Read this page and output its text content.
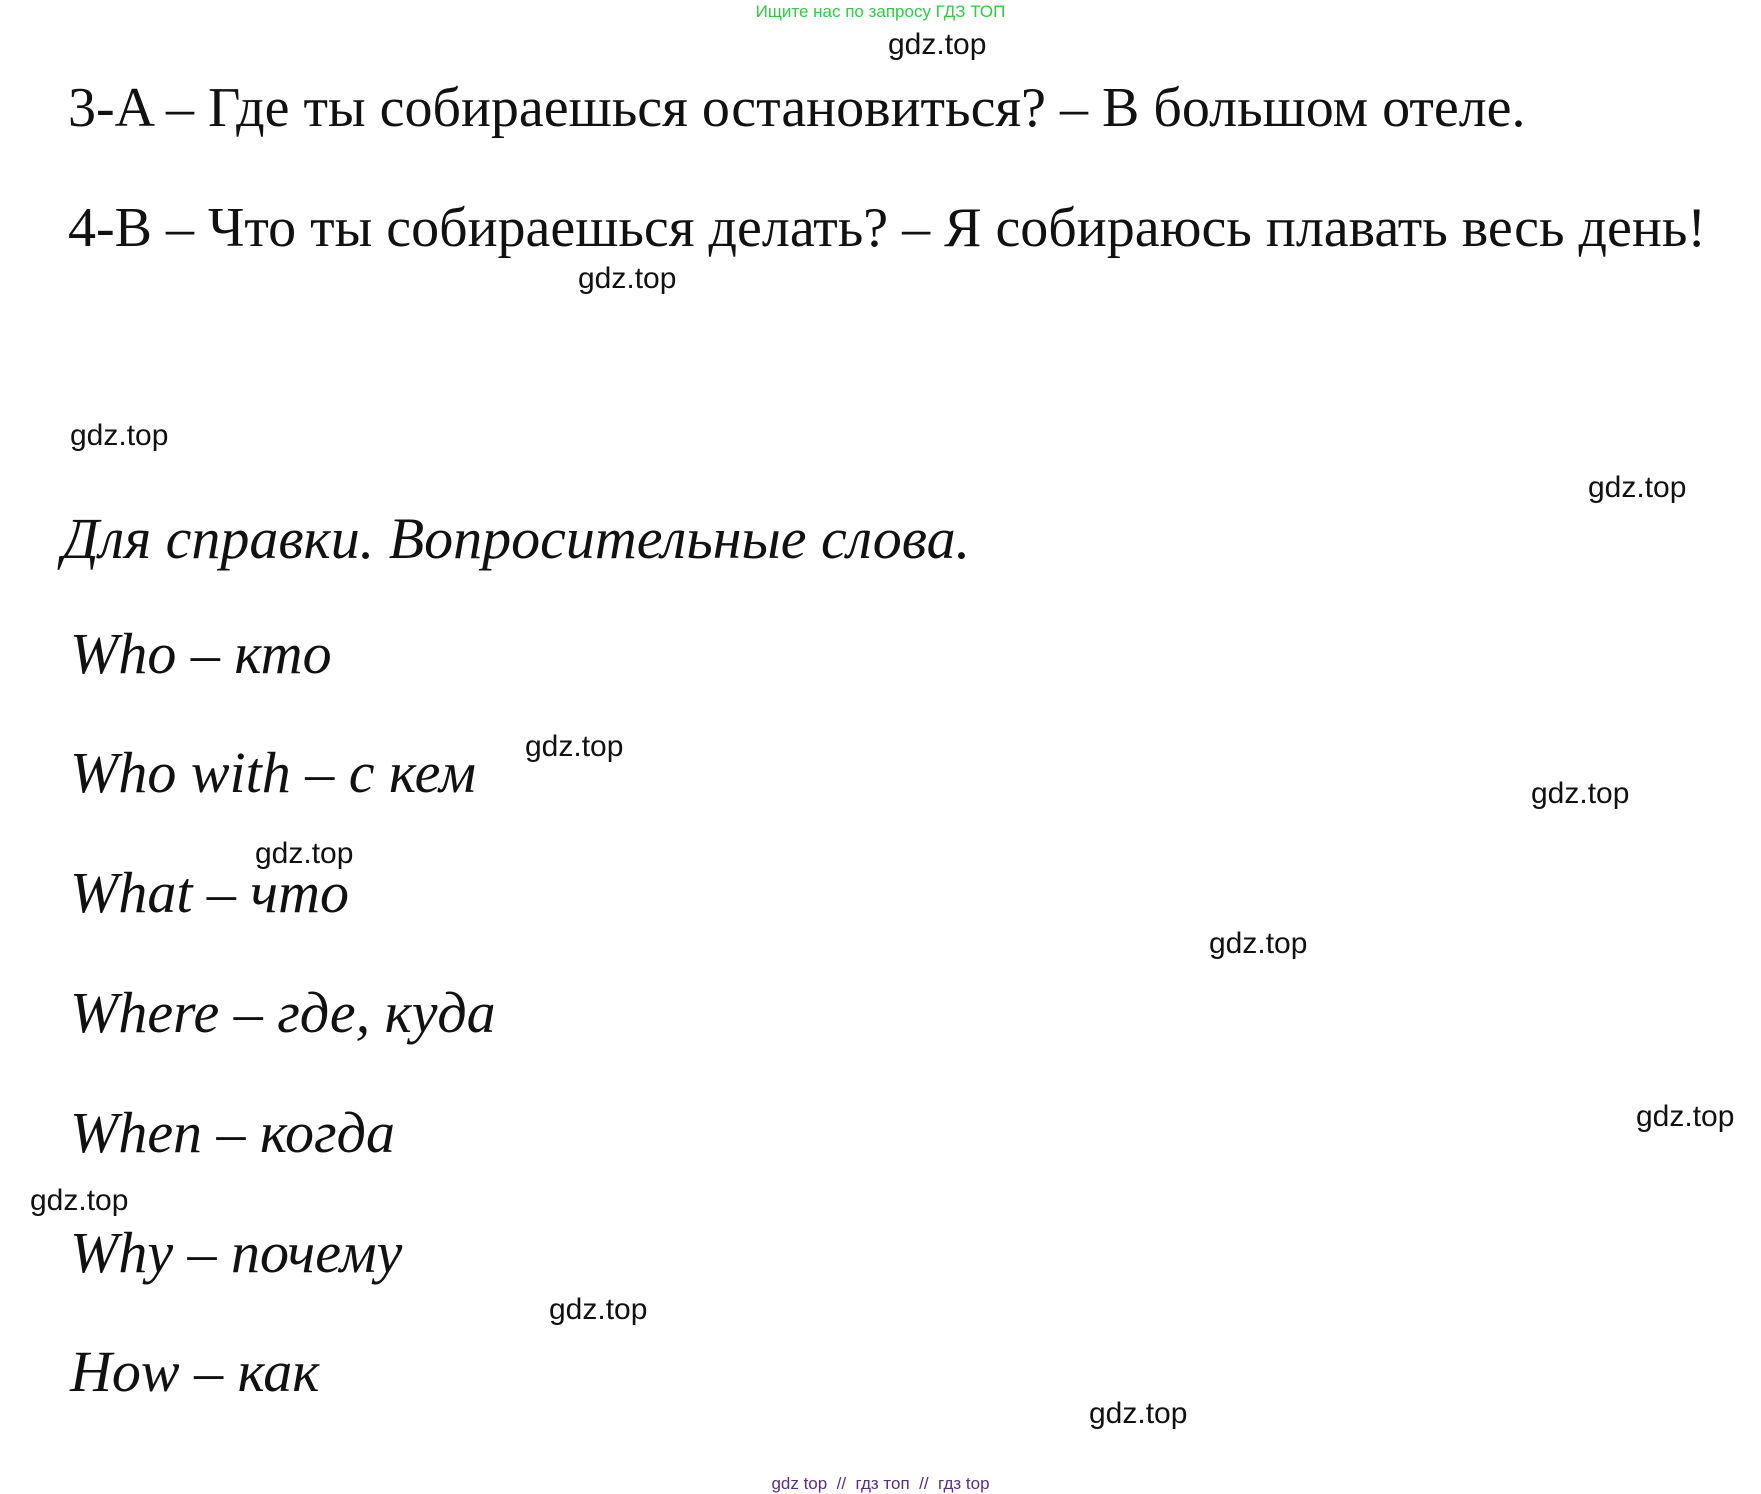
Ищите нас по запросу ГДЗ ТОП

3-A – Где ты собираешься остановиться? – В большом отеле.

4-B – Что ты собираешься делать? – Я собираюсь плавать весь день!

Для справки. Вопросительные слова.

Who – кто
Who with – с кем
What – что
Where – где, куда
When – когда
Why – почему
How – как
gdz.top
gdz.top
gdz.top
gdz.top
gdz.top
gdz.top
gdz.top
gdz.top
gdz.top
gdz.top
gdz.top
gdz.top
gdz top  //  гдз топ  //  гдз top
